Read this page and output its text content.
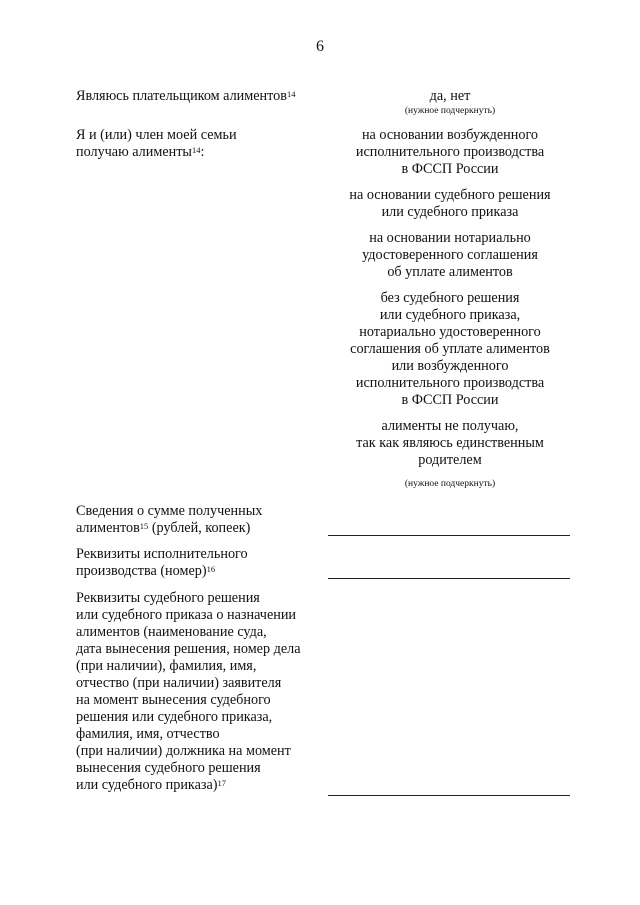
6
Являюсь плательщиком алиментов$^{14}$	да, нет
(нужное подчеркнуть)
Я и (или) член моей семьи
получаю алименты$^{14}$:
на основании возбужденного
исполнительного производства
в ФССП России
на основании судебного решения
или судебного приказа
на основании нотариально
удостоверенного соглашения
об уплате алиментов
без судебного решения
или судебного приказа,
нотариально удостоверенного
соглашения об уплате алиментов
или возбужденного
исполнительного производства
в ФССП России
алименты не получаю,
так как являюсь единственным
родителем
(нужное подчеркнуть)
Сведения о сумме полученных
алиментов$^{15}$ (рублей, копеек)
Реквизиты исполнительного
производства (номер)$^{16}$
Реквизиты судебного решения
или судебного приказа о назначении
алиментов (наименование суда,
дата вынесения решения, номер дела
(при наличии), фамилия, имя,
отчество (при наличии) заявителя
на момент вынесения судебного
решения или судебного приказа,
фамилия, имя, отчество
(при наличии) должника на момент
вынесения судебного решения
или судебного приказа)$^{17}$
